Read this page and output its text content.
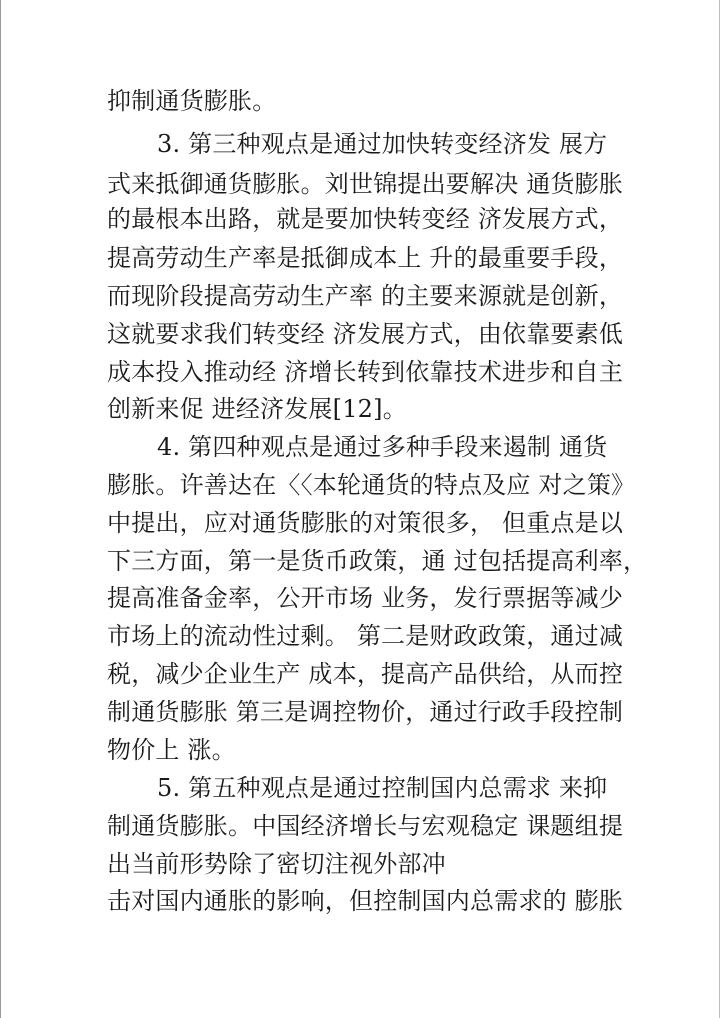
抑制通货膨胀。
3. 第三种观点是通过加快转变经济发 展方
式来抵御通货膨胀。刘世锦提出要解决 通货膨胀
的最根本出路，就是要加快转变经 济发展方式，
提高劳动生产率是抵御成本上 升的最重要手段，
而现阶段提高劳动生产率 的主要来源就是创新，
这就要求我们转变经 济发展方式，由依靠要素低
成本投入推动经 济增长转到依靠技术进步和自主
创新来促 进经济发展[12]。
4. 第四种观点是通过多种手段来遏制 通货
膨胀。许善达在〈〈本轮通货的特点及应 对之策》
中提出，应对通货膨胀的对策很多， 但重点是以
下三方面，第一是货币政策，通 过包括提高利率，
提高准备金率，公开市场 业务，发行票据等减少
市场上的流动性过剩。 第二是财政政策，通过减
税，减少企业生产 成本，提高产品供给，从而控
制通货膨胀 第三是调控物价，通过行政手段控制
物价上 涨。
5. 第五种观点是通过控制国内总需求 来抑
制通货膨胀。中国经济增长与宏观稳定 课题组提
出当前形势除了密切注视外部冲
击对国内通胀的影响，但控制国内总需求的 膨胀
